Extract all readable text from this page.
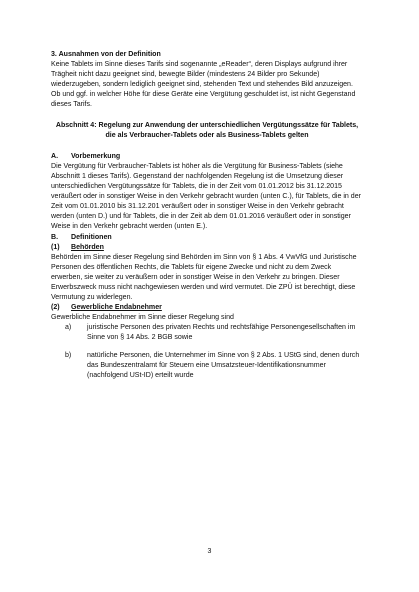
3. Ausnahmen von der Definition

Keine Tablets im Sinne dieses Tarifs sind sogenannte „eReader“, deren Displays aufgrund ihrer Trägheit nicht dazu geeignet sind, bewegte Bilder (mindestens 24 Bilder pro Sekunde) wiederzugeben, sondern lediglich geeignet sind, stehenden Text und stehendes Bild anzuzeigen. Ob und ggf. in welcher Höhe für diese Geräte eine Vergütung geschuldet ist, ist nicht Gegenstand dieses Tarifs.

Abschnitt 4: Regelung zur Anwendung der unterschiedlichen Vergütungssätze für Tablets,
die als Verbraucher-Tablets oder als Business-Tablets gelten

A. Vorbemerkung

Die Vergütung für Verbraucher-Tablets ist höher als die Vergütung für Business-Tablets (siehe Abschnitt 1 dieses Tarifs). Gegenstand der nachfolgenden Regelung ist die Umsetzung dieser unterschiedlichen Vergütungssätze für Tablets, die in der Zeit vom 01.01.2012 bis 31.12.2015 veräußert oder in sonstiger Weise in den Verkehr gebracht wurden (unten C.), für Tablets, die in der Zeit vom 01.01.2010 bis 31.12.201 veräußert oder in sonstiger Weise in den Verkehr gebracht werden (unten D.) und für Tablets, die in der Zeit ab dem 01.01.2016 veräußert oder in sonstiger Weise in den Verkehr gebracht werden (unten E.).

B. Definitionen

(1) Behörden

Behörden im Sinne dieser Regelung sind Behörden im Sinn von § 1 Abs. 4 VwVfG und Juristische Personen des öffentlichen Rechts, die Tablets für eigene Zwecke und nicht zu dem Zweck erwerben, sie weiter zu veräußern oder in sonstiger Weise in den Verkehr zu bringen. Dieser Erwerbszweck muss nicht nachgewiesen werden und wird vermutet. Die ZPÜ ist berechtigt, diese Vermutung zu widerlegen.

(2) Gewerbliche Endabnehmer

Gewerbliche Endabnehmer im Sinne dieser Regelung sind

a) juristische Personen des privaten Rechts und rechtsfähige Personengesellschaften im Sinne von § 14 Abs. 2 BGB sowie
b) natürliche Personen, die Unternehmer im Sinne von § 2 Abs. 1 UStG sind, denen durch das Bundeszentralamt für Steuern eine Umsatzsteuer-Identifikationsnummer (nachfolgend USt-ID) erteilt wurde
3
